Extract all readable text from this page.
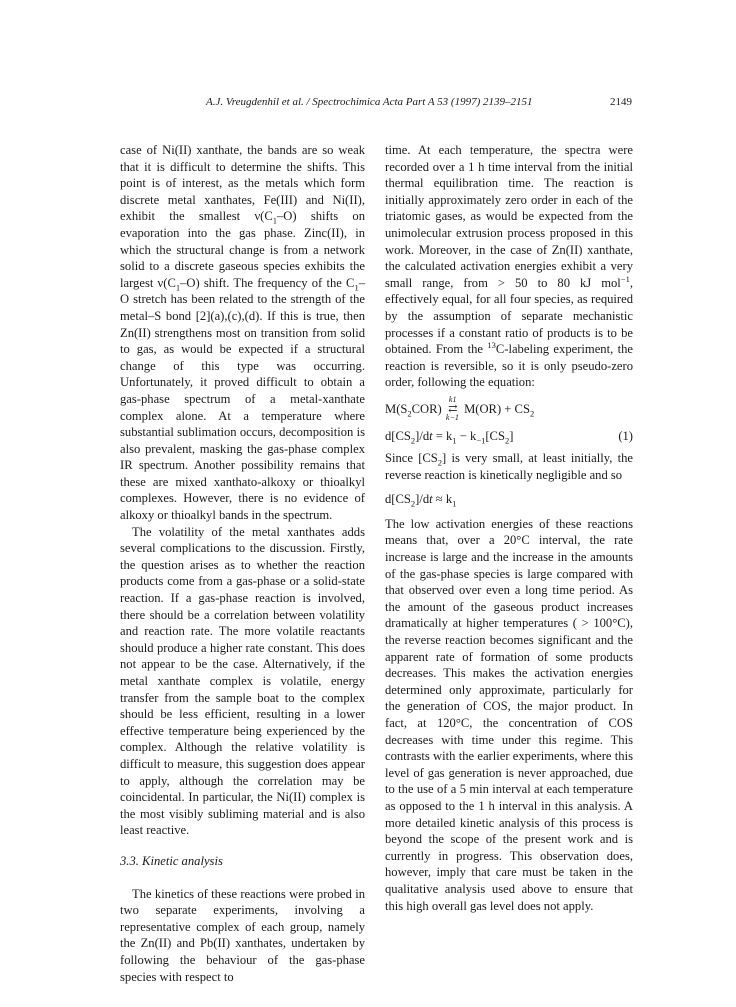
A.J. Vreugdenhil et al. / Spectrochimica Acta Part A 53 (1997) 2139–2151	2149

case of Ni(II) xanthate, the bands are so weak that it is difficult to determine the shifts. This point is of interest, as the metals which form discrete metal xanthates, Fe(III) and Ni(II), exhibit the smallest $\nu(C_1-O)$ shifts on evaporation into the gas phase. Zinc(II), in which the structural change is from a network solid to a discrete gaseous species exhibits the largest $\nu(C_1-O)$ shift. The frequency of the $C_1-O$ stretch has been related to the strength of the metal–S bond [2](a),(c),(d). If this is true, then Zn(II) strengthens most on transition from solid to gas, as would be expected if a structural change of this type was occurring. Unfortunately, it proved difficult to obtain a gas-phase spectrum of a metal-xanthate complex alone. At a temperature where substantial sublimation occurs, decomposition is also prevalent, masking the gas-phase complex IR spectrum. Another possibility remains that these are mixed xanthato-alkoxy or thioalkyl complexes. However, there is no evidence of alkoxy or thioalkyl bands in the spectrum.

The volatility of the metal xanthates adds several complications to the discussion. Firstly, the question arises as to whether the reaction products come from a gas-phase or a solid-state reaction. If a gas-phase reaction is involved, there should be a correlation between volatility and reaction rate. The more volatile reactants should produce a higher rate constant. This does not appear to be the case. Alternatively, if the metal xanthate complex is volatile, energy transfer from the sample boat to the complex should be less efficient, resulting in a lower effective temperature being experienced by the complex. Although the relative volatility is difficult to measure, this suggestion does appear to apply, although the correlation may be coincidental. In particular, the Ni(II) complex is the most visibly subliming material and is also least reactive.

3.3. Kinetic analysis

The kinetics of these reactions were probed in two separate experiments, involving a representative complex of each group, namely the Zn(II) and Pb(II) xanthates, undertaken by following the behaviour of the gas-phase species with respect to

time. At each temperature, the spectra were recorded over a 1 h time interval from the initial thermal equilibration time. The reaction is initially approximately zero order in each of the triatomic gases, as would be expected from the unimolecular extrusion process proposed in this work. Moreover, in the case of Zn(II) xanthate, the calculated activation energies exhibit a very small range, from > 50 to 80 kJ mol$^{-1}$, effectively equal, for all four species, as required by the assumption of separate mechanistic processes if a constant ratio of products is to be obtained. From the $^{13}$C-labeling experiment, the reaction is reversible, so it is only pseudo-zero order, following the equation:

$M(S_2COR)$
k1
⇄
k−1
$M(OR) + CS_2$
$d[CS_2]/dt = k_1 - k_{-1}[CS_2]$	(1)

Since $[CS_2]$ is very small, at least initially, the reverse reaction is kinetically negligible and so

$d[CS_2]/dt \approx k_1$

The low activation energies of these reactions means that, over a 20°C interval, the rate increase is large and the increase in the amounts of the gas-phase species is large compared with that observed over even a long time period. As the amount of the gaseous product increases dramatically at higher temperatures ( > 100°C), the reverse reaction becomes significant and the apparent rate of formation of some products decreases. This makes the activation energies determined only approximate, particularly for the generation of COS, the major product. In fact, at 120°C, the concentration of COS decreases with time under this regime. This contrasts with the earlier experiments, where this level of gas generation is never approached, due to the use of a 5 min interval at each temperature as opposed to the 1 h interval in this analysis. A more detailed kinetic analysis of this process is beyond the scope of the present work and is currently in progress. This observation does, however, imply that care must be taken in the qualitative analysis used above to ensure that this high overall gas level does not apply.
